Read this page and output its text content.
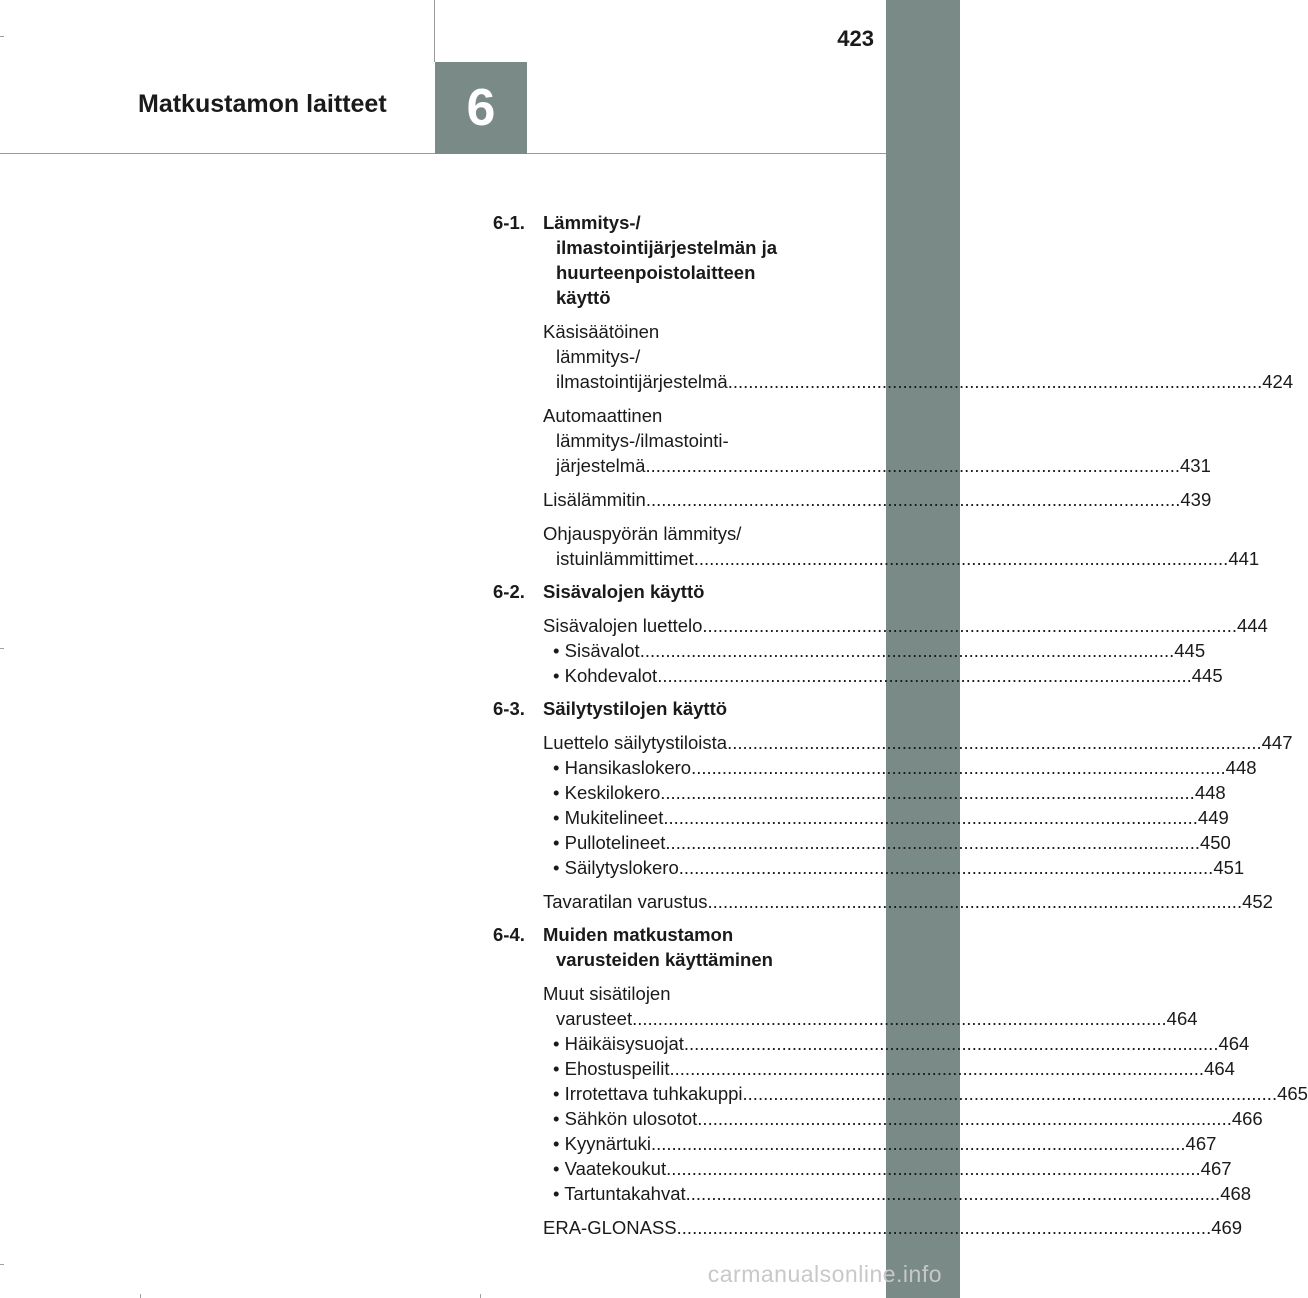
6
Matkustamon laitteet
423
6-1. Lämmitys-/
ilmastointijärjestelmän ja
huurteenpoistolaitteen
käyttö
Käsisäätöinen
lämmitys-/
ilmastointijärjestelmä .....	424
Automaattinen
lämmitys-/ilmastointi-
järjestelmä .....	431
Lisälämmitin .....	439
Ohjauspyörän lämmitys/
istuinlämmittimet .....	441
6-2. Sisävalojen käyttö
Sisävalojen luettelo .....	444
• Sisävalot .....	445
• Kohdevalot .....	445
6-3. Säilytystilojen käyttö
Luettelo säilytystiloista .....	447
• Hansikaslokero .....	448
• Keskilokero .....	448
• Mukitelineet .....	449
• Pullotelineet .....	450
• Säilytyslokero .....	451
Tavaratilan varustus .....	452
6-4. Muiden matkustamon
varusteiden käyttäminen
Muut sisätilojen
varusteet .....	464
• Häikäisysuojat .....	464
• Ehostuspeilit .....	464
• Irrotettava tuhkakuppi .....	465
• Sähkön ulosotot .....	466
• Kyynärtuki .....	467
• Vaatekoukut .....	467
• Tartuntakahvat .....	468
ERA-GLONASS .....	469
carmanualsonline.info
